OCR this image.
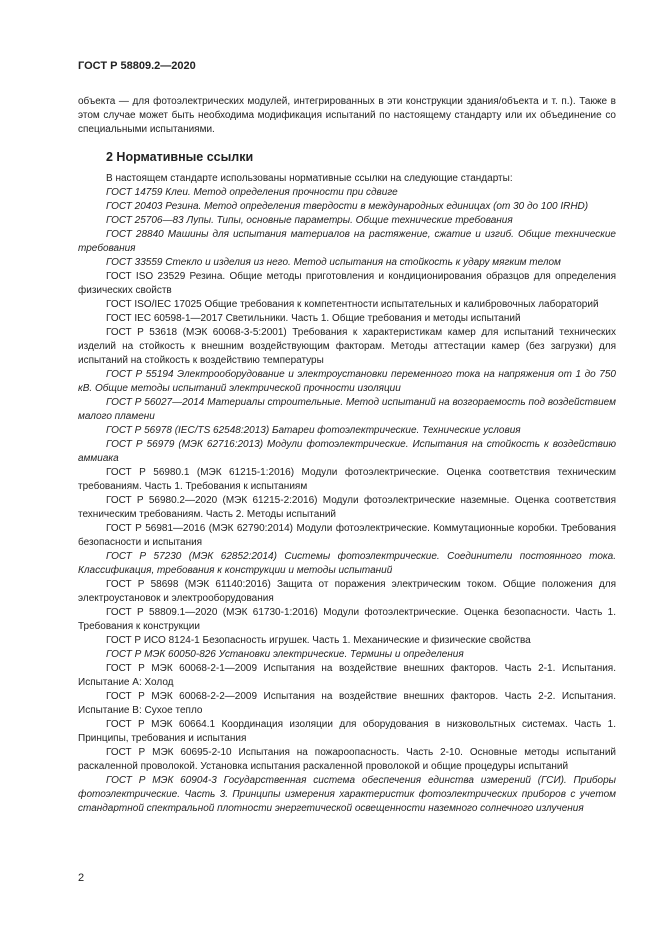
ГОСТ Р 58809.2—2020

объекта — для фотоэлектрических модулей, интегрированных в эти конструкции здания/объекта и т. п.). Также в этом случае может быть необходима модификация испытаний по настоящему стандарту или их объединение со специальными испытаниями.

2 Нормативные ссылки

В настоящем стандарте использованы нормативные ссылки на следующие стандарты:

ГОСТ 14759 Клеи. Метод определения прочности при сдвиге

ГОСТ 20403 Резина. Метод определения твердости в международных единицах (от 30 до 100 IRHD)

ГОСТ 25706—83 Лупы. Типы, основные параметры. Общие технические требования

ГОСТ 28840 Машины для испытания материалов на растяжение, сжатие и изгиб. Общие технические требования

ГОСТ 33559 Стекло и изделия из него. Метод испытания на стойкость к удару мягким телом

ГОСТ ISO 23529 Резина. Общие методы приготовления и кондиционирования образцов для определения физических свойств

ГОСТ ISO/IEC 17025 Общие требования к компетентности испытательных и калибровочных лабораторий

ГОСТ IEC 60598-1—2017 Светильники. Часть 1. Общие требования и методы испытаний

ГОСТ Р 53618 (МЭК 60068-3-5:2001) Требования к характеристикам камер для испытаний технических изделий на стойкость к внешним воздействующим факторам. Методы аттестации камер (без загрузки) для испытаний на стойкость к воздействию температуры

ГОСТ Р 55194 Электрооборудование и электроустановки переменного тока на напряжения от 1 до 750 кВ. Общие методы испытаний электрической прочности изоляции

ГОСТ Р 56027—2014 Материалы строительные. Метод испытаний на возгораемость под воздействием малого пламени

ГОСТ Р 56978 (IEC/TS 62548:2013) Батареи фотоэлектрические. Технические условия

ГОСТ Р 56979 (МЭК 62716:2013) Модули фотоэлектрические. Испытания на стойкость к воздействию аммиака

ГОСТ Р 56980.1 (МЭК 61215-1:2016) Модули фотоэлектрические. Оценка соответствия техническим требованиям. Часть 1. Требования к испытаниям

ГОСТ Р 56980.2—2020 (МЭК 61215-2:2016) Модули фотоэлектрические наземные. Оценка соответствия техническим требованиям. Часть 2. Методы испытаний

ГОСТ Р 56981—2016 (МЭК 62790:2014) Модули фотоэлектрические. Коммутационные коробки. Требования безопасности и испытания

ГОСТ Р 57230 (МЭК 62852:2014) Системы фотоэлектрические. Соединители постоянного тока. Классификация, требования к конструкции и методы испытаний

ГОСТ Р 58698 (МЭК 61140:2016) Защита от поражения электрическим током. Общие положения для электроустановок и электрооборудования

ГОСТ Р 58809.1—2020 (МЭК 61730-1:2016) Модули фотоэлектрические. Оценка безопасности. Часть 1. Требования к конструкции

ГОСТ Р ИСО 8124-1 Безопасность игрушек. Часть 1. Механические и физические свойства

ГОСТ Р МЭК 60050-826 Установки электрические. Термины и определения

ГОСТ Р МЭК 60068-2-1—2009 Испытания на воздействие внешних факторов. Часть 2-1. Испытания. Испытание А: Холод

ГОСТ Р МЭК 60068-2-2—2009 Испытания на воздействие внешних факторов. Часть 2-2. Испытания. Испытание В: Сухое тепло

ГОСТ Р МЭК 60664.1 Координация изоляции для оборудования в низковольтных системах. Часть 1. Принципы, требования и испытания

ГОСТ Р МЭК 60695-2-10 Испытания на пожароопасность. Часть 2-10. Основные методы испытаний раскаленной проволокой. Установка испытания раскаленной проволокой и общие процедуры испытаний

ГОСТ Р МЭК 60904-3 Государственная система обеспечения единства измерений (ГСИ). Приборы фотоэлектрические. Часть 3. Принципы измерения характеристик фотоэлектрических приборов с учетом стандартной спектральной плотности энергетической освещенности наземного солнечного излучения

2
